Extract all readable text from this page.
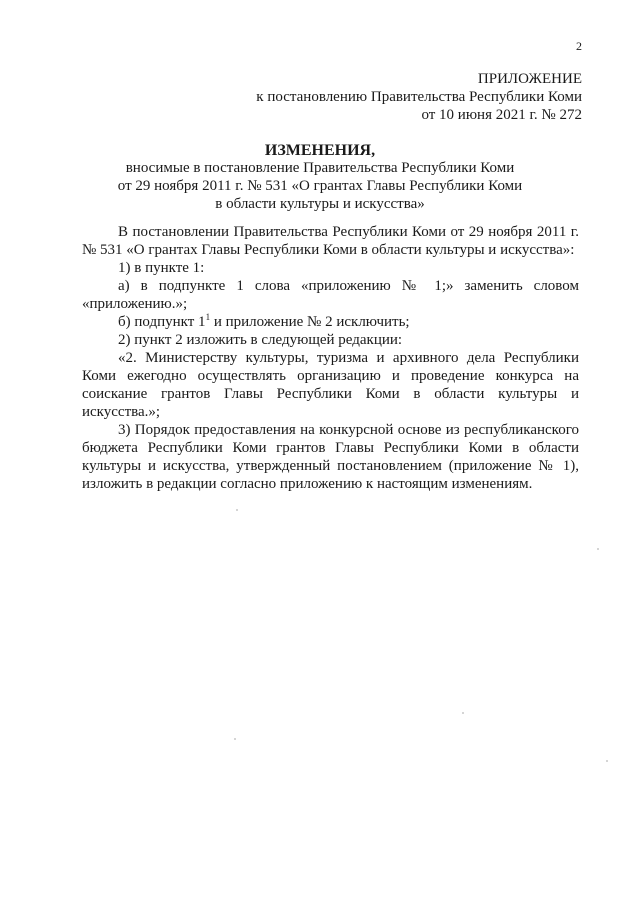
2
ПРИЛОЖЕНИЕ
к постановлению Правительства Республики Коми
от 10 июня 2021 г. № 272
ИЗМЕНЕНИЯ,
вносимые в постановление Правительства Республики Коми
от 29 ноября 2011 г. № 531 «О грантах Главы Республики Коми
в области культуры и искусства»

В постановлении Правительства Республики Коми от 29 ноября 2011 г. № 531 «О грантах Главы Республики Коми в области культуры и искусства»:

1) в пункте 1:

а) в подпункте 1 слова «приложению № 1;» заменить словом «приложению.»;

б) подпункт $1^1$ и приложение № 2 исключить;

2) пункт 2 изложить в следующей редакции:

«2. Министерству культуры, туризма и архивного дела Республики Коми ежегодно осуществлять организацию и проведение конкурса на соискание грантов Главы Республики Коми в области культуры и искусства.»;

3) Порядок предоставления на конкурсной основе из республиканского бюджета Республики Коми грантов Главы Республики Коми в области культуры и искусства, утвержденный постановлением (приложение № 1), изложить в редакции согласно приложению к настоящим изменениям.
